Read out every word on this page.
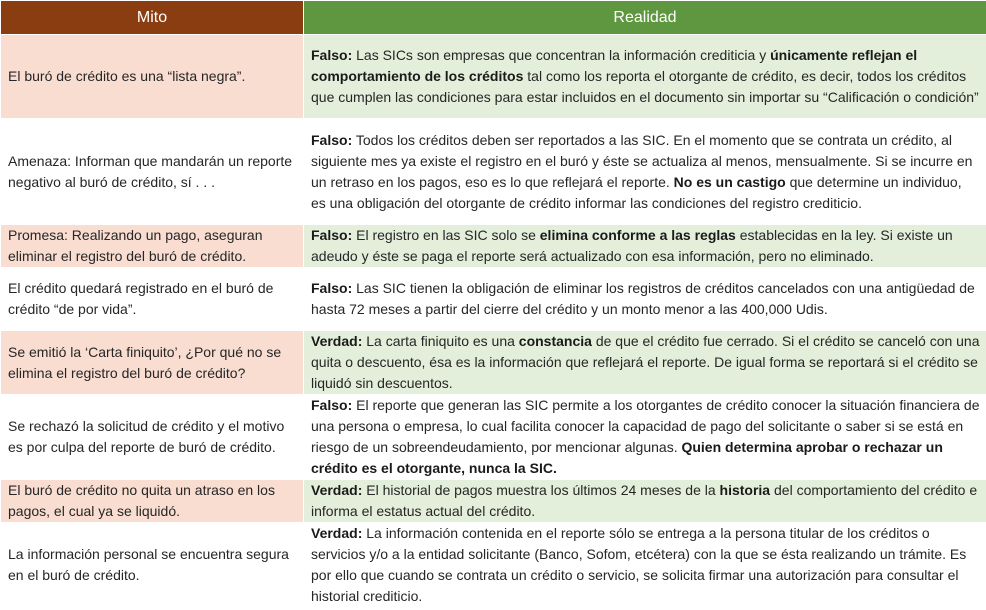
Mito	Realidad
El buró de crédito es una “lista negra”.	Falso: Las SICs son empresas que concentran la información crediticia y únicamente reflejan el comportamiento de los créditos tal como los reporta el otorgante de crédito, es decir, todos los créditos que cumplen las condiciones para estar incluidos en el documento sin importar su “Calificación o condición”
Amenaza: Informan que mandarán un reporte negativo al buró de crédito, sí . . .	Falso: Todos los créditos deben ser reportados a las SIC. En el momento que se contrata un crédito, al siguiente mes ya existe el registro en el buró y éste se actualiza al menos, mensualmente. Si se incurre en un retraso en los pagos, eso es lo que reflejará el reporte. No es un castigo que determine un individuo, es una obligación del otorgante de crédito informar las condiciones del registro crediticio.
Promesa: Realizando un pago, aseguran eliminar el registro del buró de crédito.	Falso: El registro en las SIC solo se elimina conforme a las reglas establecidas en la ley. Si existe un adeudo y éste se paga el reporte será actualizado con esa información, pero no eliminado.
El crédito quedará registrado en el buró de crédito “de por vida”.	Falso: Las SIC tienen la obligación de eliminar los registros de créditos cancelados con una antigüedad de hasta 72 meses a partir del cierre del crédito y un monto menor a las 400,000 Udis.
Se emitió la ‘Carta finiquito’, ¿Por qué no se elimina el registro del buró de crédito?	Verdad: La carta finiquito es una constancia de que el crédito fue cerrado. Si el crédito se canceló con una quita o descuento, ésa es la información que reflejará el reporte. De igual forma se reportará si el crédito se liquidó sin descuentos.
Se rechazó la solicitud de crédito y el motivo es por culpa del reporte de buró de crédito.	Falso: El reporte que generan las SIC permite a los otorgantes de crédito conocer la situación financiera de una persona o empresa, lo cual facilita conocer la capacidad de pago del solicitante o saber si se está en riesgo de un sobreendeudamiento, por mencionar algunas. Quien determina aprobar o rechazar un crédito es el otorgante, nunca la SIC.
El buró de crédito no quita un atraso en los pagos, el cual ya se liquidó.	Verdad: El historial de pagos muestra los últimos 24 meses de la historia del comportamiento del crédito e informa el estatus actual del crédito.
La información personal se encuentra segura en el buró de crédito.	Verdad: La información contenida en el reporte sólo se entrega a la persona titular de los créditos o servicios y/o a la entidad solicitante (Banco, Sofom, etcétera) con la que se ésta realizando un trámite. Es por ello que cuando se contrata un crédito o servicio, se solicita firmar una autorización para consultar el historial crediticio.
